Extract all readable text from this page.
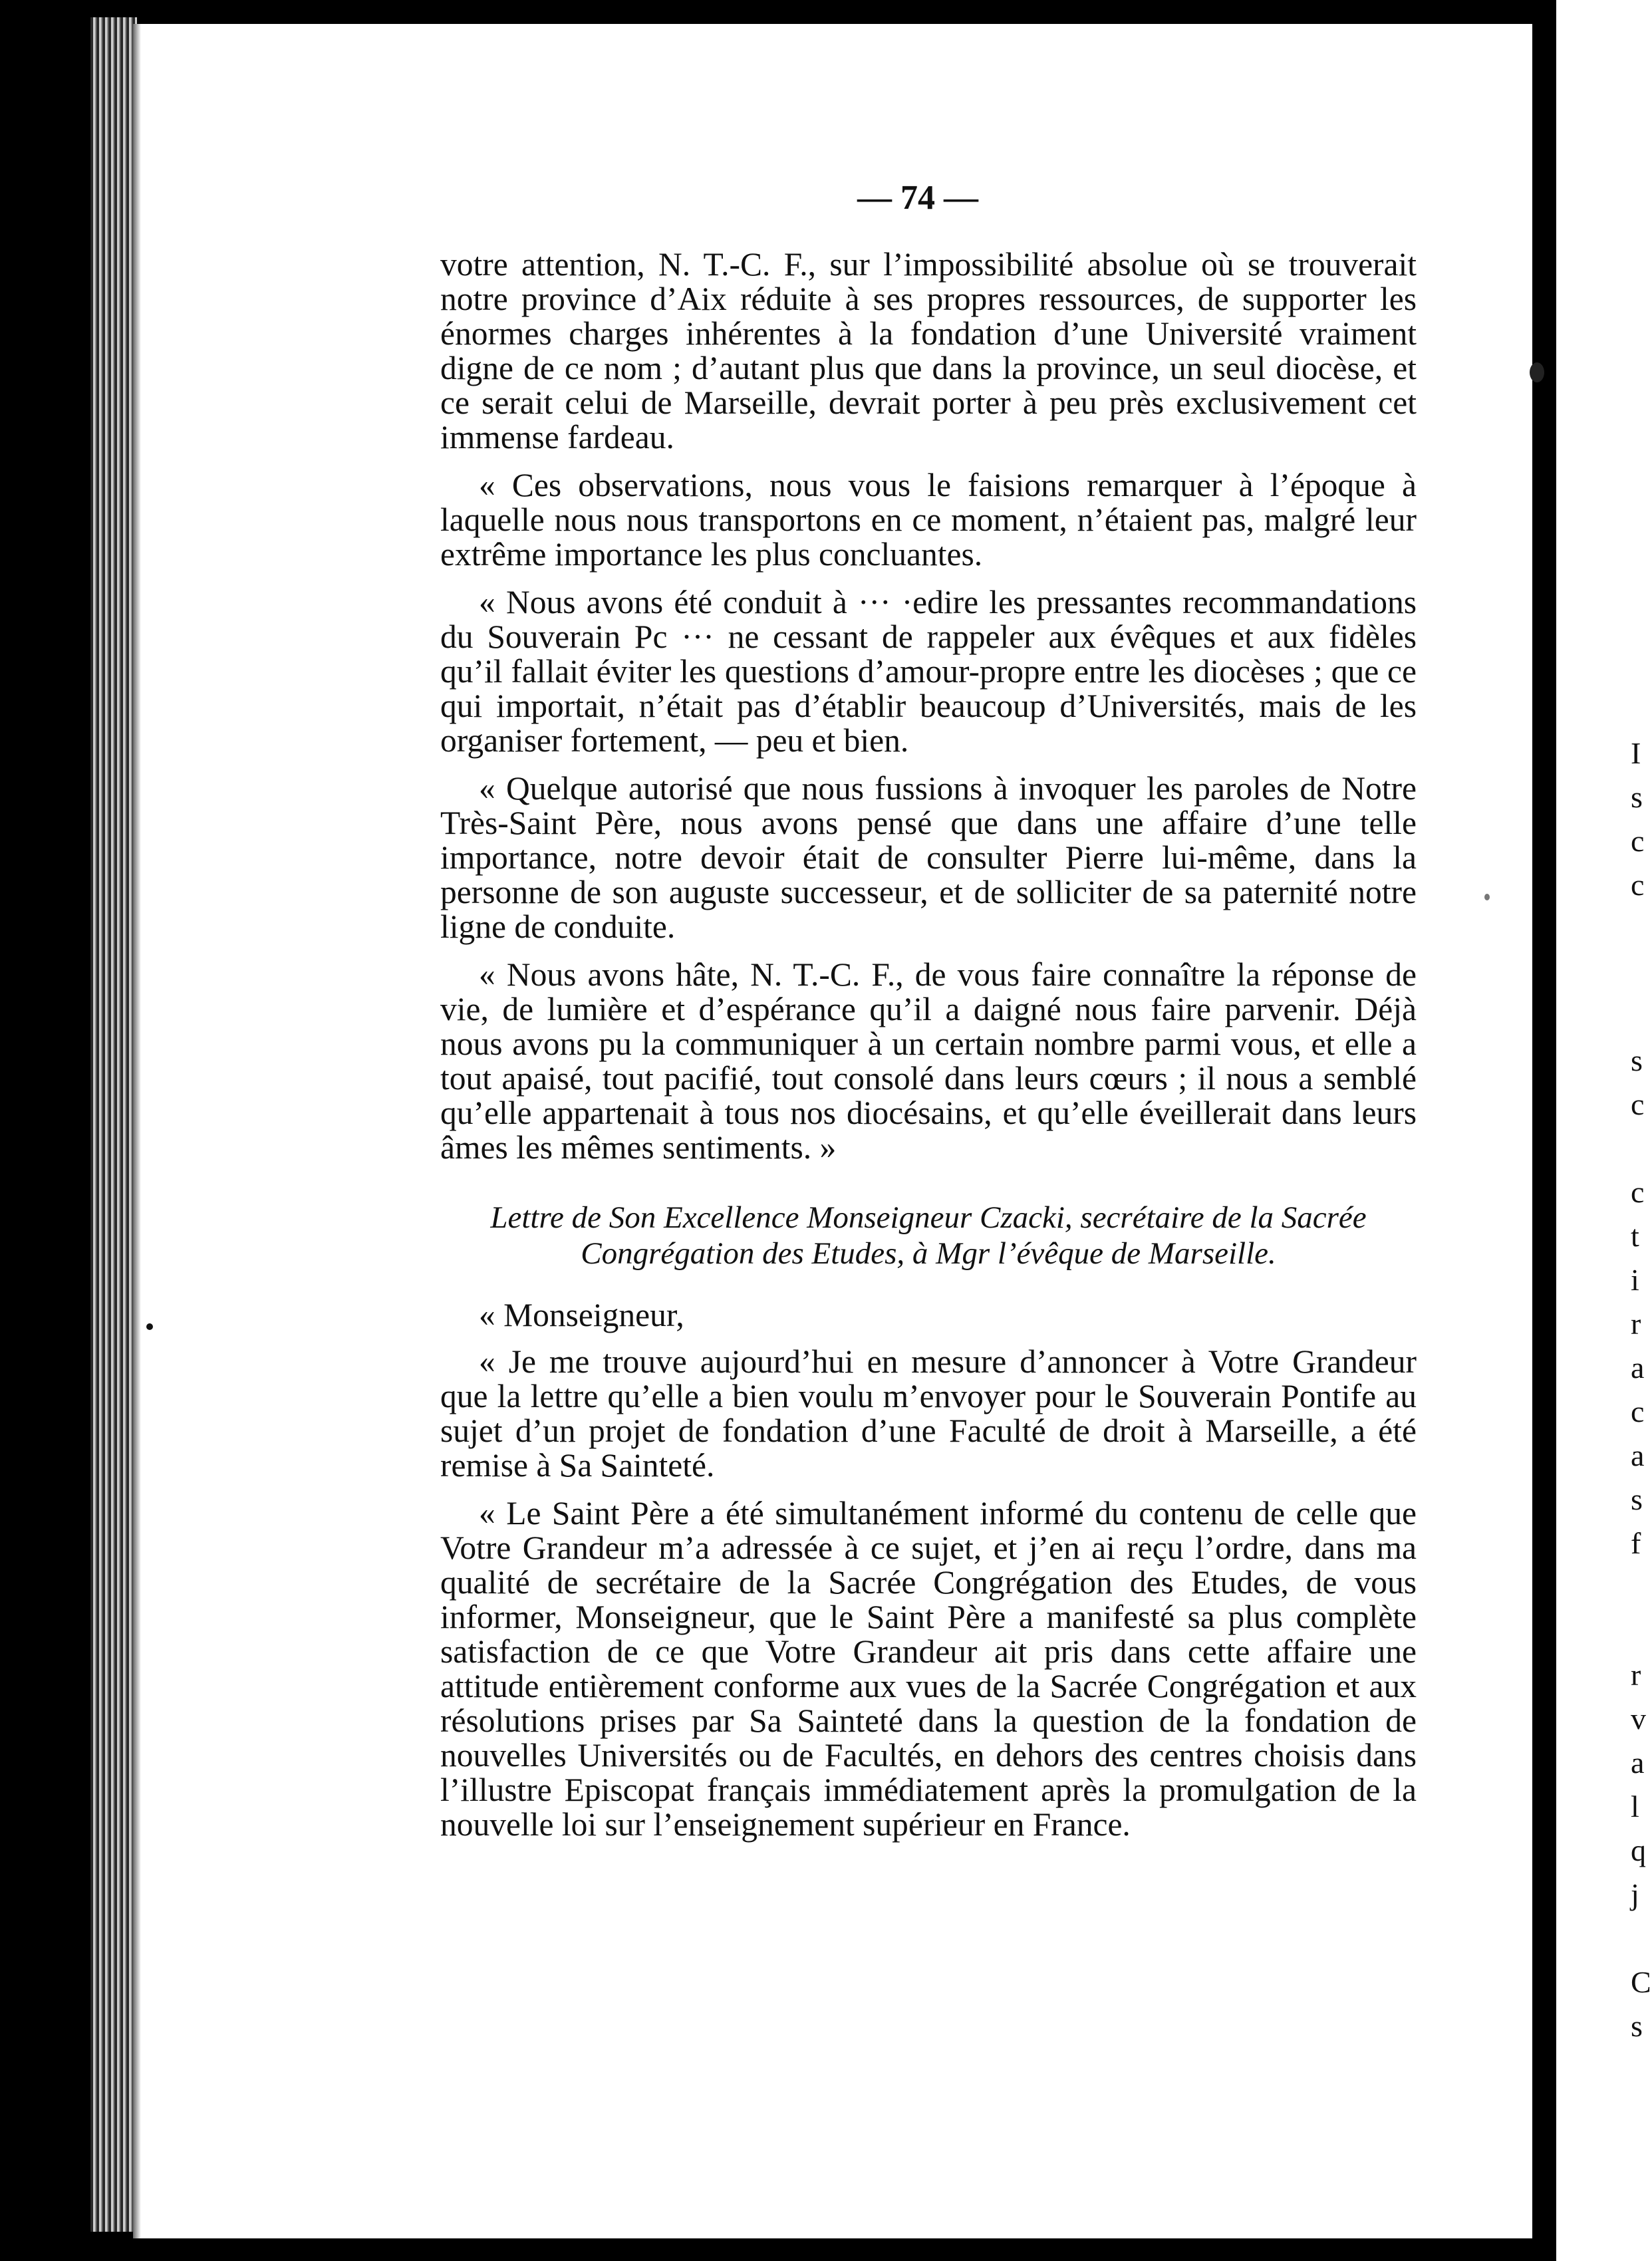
I
s
c
c
s
c
c
t
i
r
a
c
a
s
f
r
v
a
l
q
j
C
s
— 74 —

votre attention, N. T.-C. F., sur l’impossibilité absolue où se trouverait notre province d’Aix réduite à ses propres ressources, de supporter les énormes charges inhérentes à la fondation d’une Université vraiment digne de ce nom ; d’autant plus que dans la province, un seul diocèse, et ce serait celui de Marseille, devrait porter à peu près exclusivement cet immense fardeau.

« Ces observations, nous vous le faisions remarquer à l’époque à laquelle nous nous transportons en ce moment, n’étaient pas, malgré leur extrême importance les plus concluantes.

« Nous avons été conduit à ··· ·edire les pressantes recommandations du Souverain Pc ··· ne cessant de rappeler aux évêques et aux fidèles qu’il fallait éviter les questions d’amour-propre entre les diocèses ; que ce qui importait, n’était pas d’établir beaucoup d’Universités, mais de les organiser fortement, — peu et bien.

« Quelque autorisé que nous fussions à invoquer les paroles de Notre Très-Saint Père, nous avons pensé que dans une affaire d’une telle importance, notre devoir était de consulter Pierre lui-même, dans la personne de son auguste successeur, et de solliciter de sa paternité notre ligne de conduite.

« Nous avons hâte, N. T.-C. F., de vous faire connaître la réponse de vie, de lumière et d’espérance qu’il a daigné nous faire parvenir. Déjà nous avons pu la communiquer à un certain nombre parmi vous, et elle a tout apaisé, tout pacifié, tout consolé dans leurs cœurs ; il nous a semblé qu’elle appartenait à tous nos diocésains, et qu’elle éveillerait dans leurs âmes les mêmes sentiments. »

Lettre de Son Excellence Monseigneur Czacki, secrétaire de la Sacrée
Congrégation des Etudes, à Mgr l’évêque de Marseille.

« Monseigneur,

« Je me trouve aujourd’hui en mesure d’annoncer à Votre Grandeur que la lettre qu’elle a bien voulu m’envoyer pour le Souverain Pontife au sujet d’un projet de fondation d’une Faculté de droit à Marseille, a été remise à Sa Sainteté.

« Le Saint Père a été simultanément informé du contenu de celle que Votre Grandeur m’a adressée à ce sujet, et j’en ai reçu l’ordre, dans ma qualité de secrétaire de la Sacrée Congrégation des Etudes, de vous informer, Monseigneur, que le Saint Père a manifesté sa plus complète satisfaction de ce que Votre Grandeur ait pris dans cette affaire une attitude entièrement conforme aux vues de la Sacrée Congrégation et aux résolutions prises par Sa Sainteté dans la question de la fondation de nouvelles Universités ou de Facultés, en dehors des centres choisis dans l’illustre Episcopat français immédiatement après la promulgation de la nouvelle loi sur l’enseignement supérieur en France.
